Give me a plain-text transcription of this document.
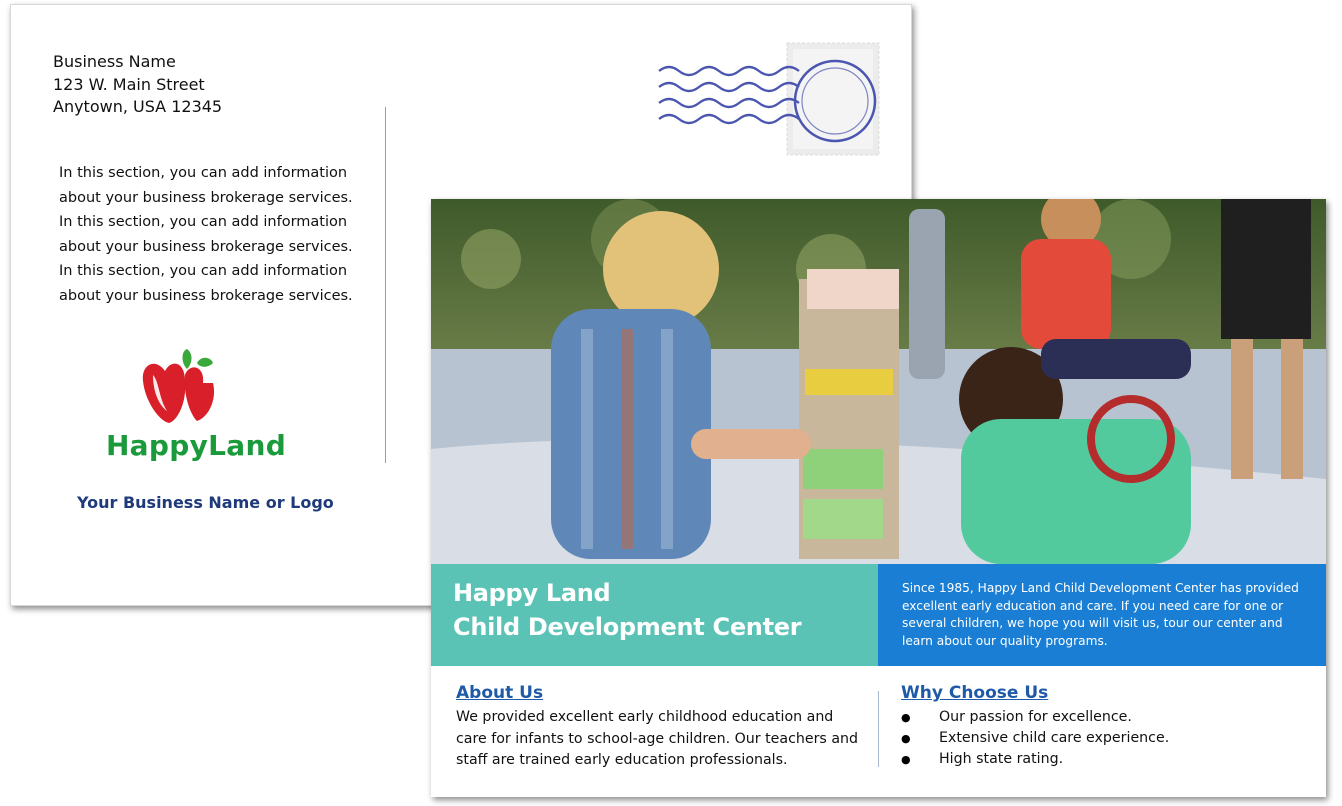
Business Name
123 W. Main Street
Anytown, USA 12345
In this section, you can add information
about your business brokerage services.
In this section, you can add information
about your business brokerage services.
In this section, you can add information
about your business brokerage services.
HappyLand
Your Business Name or Logo
Happy Land
Child Development Center
Since 1985, Happy Land Child Development Center has provided excellent early education and care. If you need care for one or several children, we hope you will visit us, tour our center and learn about our quality programs.
About Us
We provided excellent early childhood education and care for infants to school-age children. Our teachers and staff are trained early education professionals.
Why Choose Us
● Our passion for excellence.
● Extensive child care experience.
● High state rating.
